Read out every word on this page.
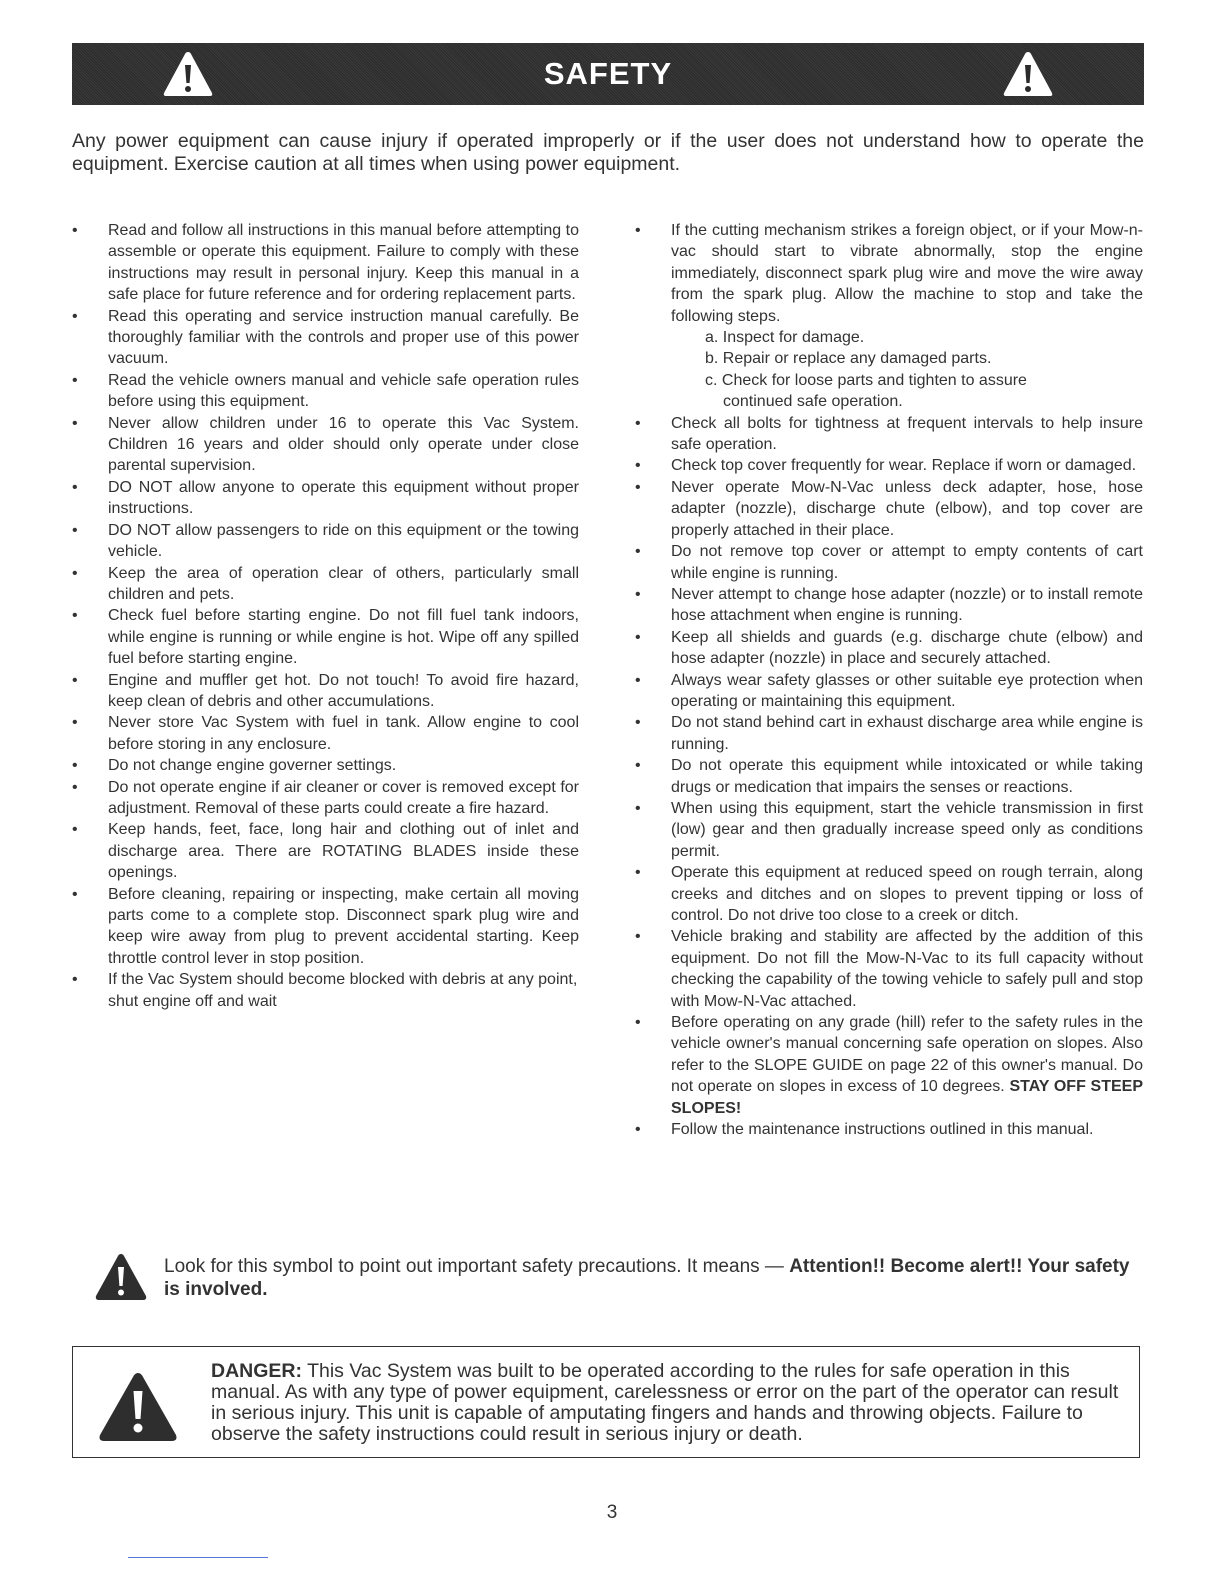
SAFETY
Any power equipment can cause injury if operated improperly or if the user does not understand how to operate the equipment. Exercise caution at all times when using power equipment.
• Read and follow all instructions in this manual before attempting to assemble or operate this equipment. Failure to comply with these instructions may result in personal injury. Keep this manual in a safe place for future reference and for ordering replacement parts.
• Read this operating and service instruction manual carefully. Be thoroughly familiar with the controls and proper use of this power vacuum.
• Read the vehicle owners manual and vehicle safe operation rules before using this equipment.
• Never allow children under 16 to operate this Vac System. Children 16 years and older should only operate under close parental supervision.
• DO NOT allow anyone to operate this equipment without proper instructions.
• DO NOT allow passengers to ride on this equipment or the towing vehicle.
• Keep the area of operation clear of others, particularly small children and pets.
• Check fuel before starting engine. Do not fill fuel tank indoors, while engine is running or while engine is hot. Wipe off any spilled fuel before starting engine.
• Engine and muffler get hot. Do not touch! To avoid fire hazard, keep clean of debris and other accumulations.
• Never store Vac System with fuel in tank. Allow engine to cool before storing in any enclosure.
• Do not change engine governer settings.
• Do not operate engine if air cleaner or cover is removed except for adjustment. Removal of these parts could create a fire hazard.
• Keep hands, feet, face, long hair and clothing out of inlet and discharge area. There are ROTATING BLADES inside these openings.
• Before cleaning, repairing or inspecting, make certain all moving parts come to a complete stop. Disconnect spark plug wire and keep wire away from plug to prevent accidental starting. Keep throttle control lever in stop position.
• If the Vac System should become blocked with debris at any point, shut engine off and wait
• If the cutting mechanism strikes a foreign object, or if your Mow-n-vac should start to vibrate abnormally, stop the engine immediately, disconnect spark plug wire and move the wire away from the spark plug. Allow the machine to stop and take the following steps.
a. Inspect for damage.
b. Repair or replace any damaged parts.
c. Check for loose parts and tighten to assure
continued safe operation.
• Check all bolts for tightness at frequent intervals to help insure safe operation.
• Check top cover frequently for wear. Replace if worn or damaged.
• Never operate Mow-N-Vac unless deck adapter, hose, hose adapter (nozzle), discharge chute (elbow), and top cover are properly attached in their place.
• Do not remove top cover or attempt to empty contents of cart while engine is running.
• Never attempt to change hose adapter (nozzle) or to install remote hose attachment when engine is running.
• Keep all shields and guards (e.g. discharge chute (elbow) and hose adapter (nozzle) in place and securely attached.
• Always wear safety glasses or other suitable eye protection when operating or maintaining this equipment.
• Do not stand behind cart in exhaust discharge area while engine is running.
• Do not operate this equipment while intoxicated or while taking drugs or medication that impairs the senses or reactions.
• When using this equipment, start the vehicle transmission in first (low) gear and then gradually increase speed only as conditions permit.
• Operate this equipment at reduced speed on rough terrain, along creeks and ditches and on slopes to prevent tipping or loss of control. Do not drive too close to a creek or ditch.
• Vehicle braking and stability are affected by the addition of this equipment. Do not fill the Mow-N-Vac to its full capacity without checking the capability of the towing vehicle to safely pull and stop with Mow-N-Vac attached.
• Before operating on any grade (hill) refer to the safety rules in the vehicle owner's manual concerning safe operation on slopes. Also refer to the SLOPE GUIDE on page 22 of this owner's manual. Do not operate on slopes in excess of 10 degrees. STAY OFF STEEP SLOPES!
• Follow the maintenance instructions outlined in this manual.
Look for this symbol to point out important safety precautions. It means — Attention!! Become alert!! Your safety is involved.
DANGER: This Vac System was built to be operated according to the rules for safe operation in this manual. As with any type of power equipment, carelessness or error on the part of the operator can result in serious injury. This unit is capable of amputating fingers and hands and throwing objects. Failure to observe the safety instructions could result in serious injury or death.
3
